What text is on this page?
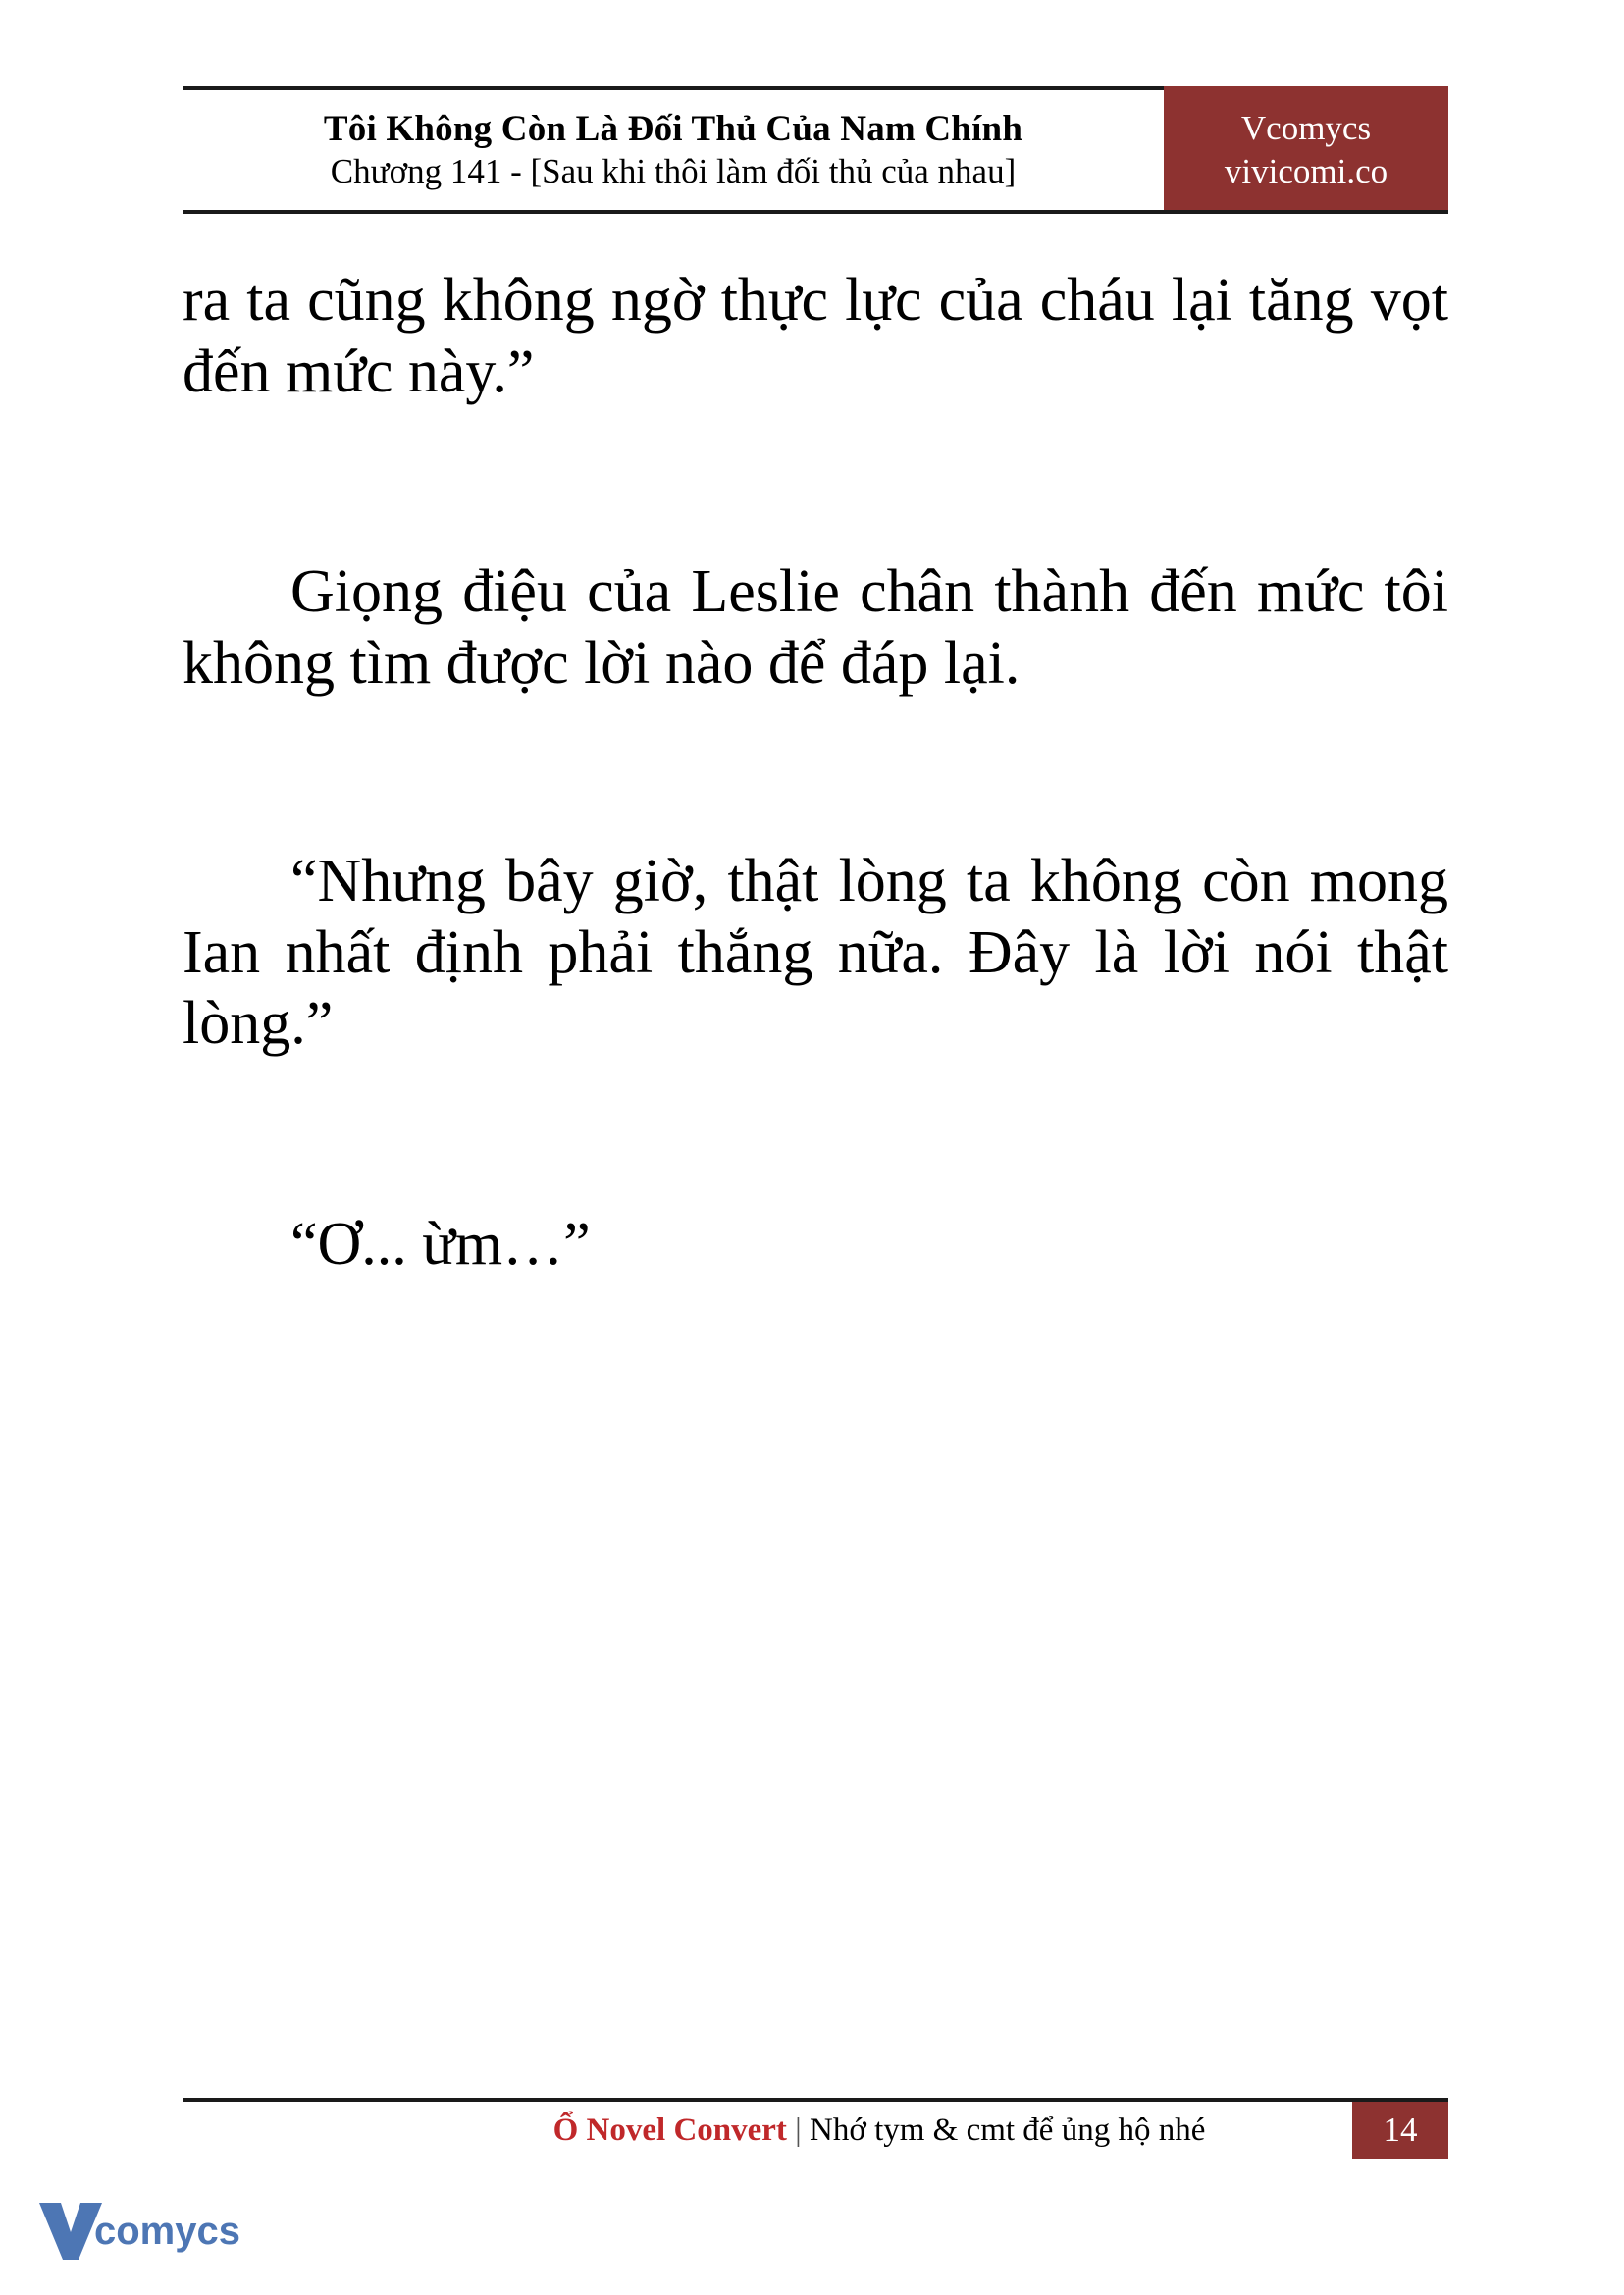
Tôi Không Còn Là Đối Thủ Của Nam Chính
Chương 141 - [Sau khi thôi làm đối thủ của nhau]
Vcomycs
vivicomi.co

ra ta cũng không ngờ thực lực của cháu lại tăng vọt đến mức này.”

Giọng điệu của Leslie chân thành đến mức tôi không tìm được lời nào để đáp lại.

“Nhưng bây giờ, thật lòng ta không còn mong Ian nhất định phải thắng nữa. Đây là lời nói thật lòng.”

“Ơ... ừm…”

Ổ Novel Convert | Nhớ tym & cmt để ủng hộ nhé	14
comycs
